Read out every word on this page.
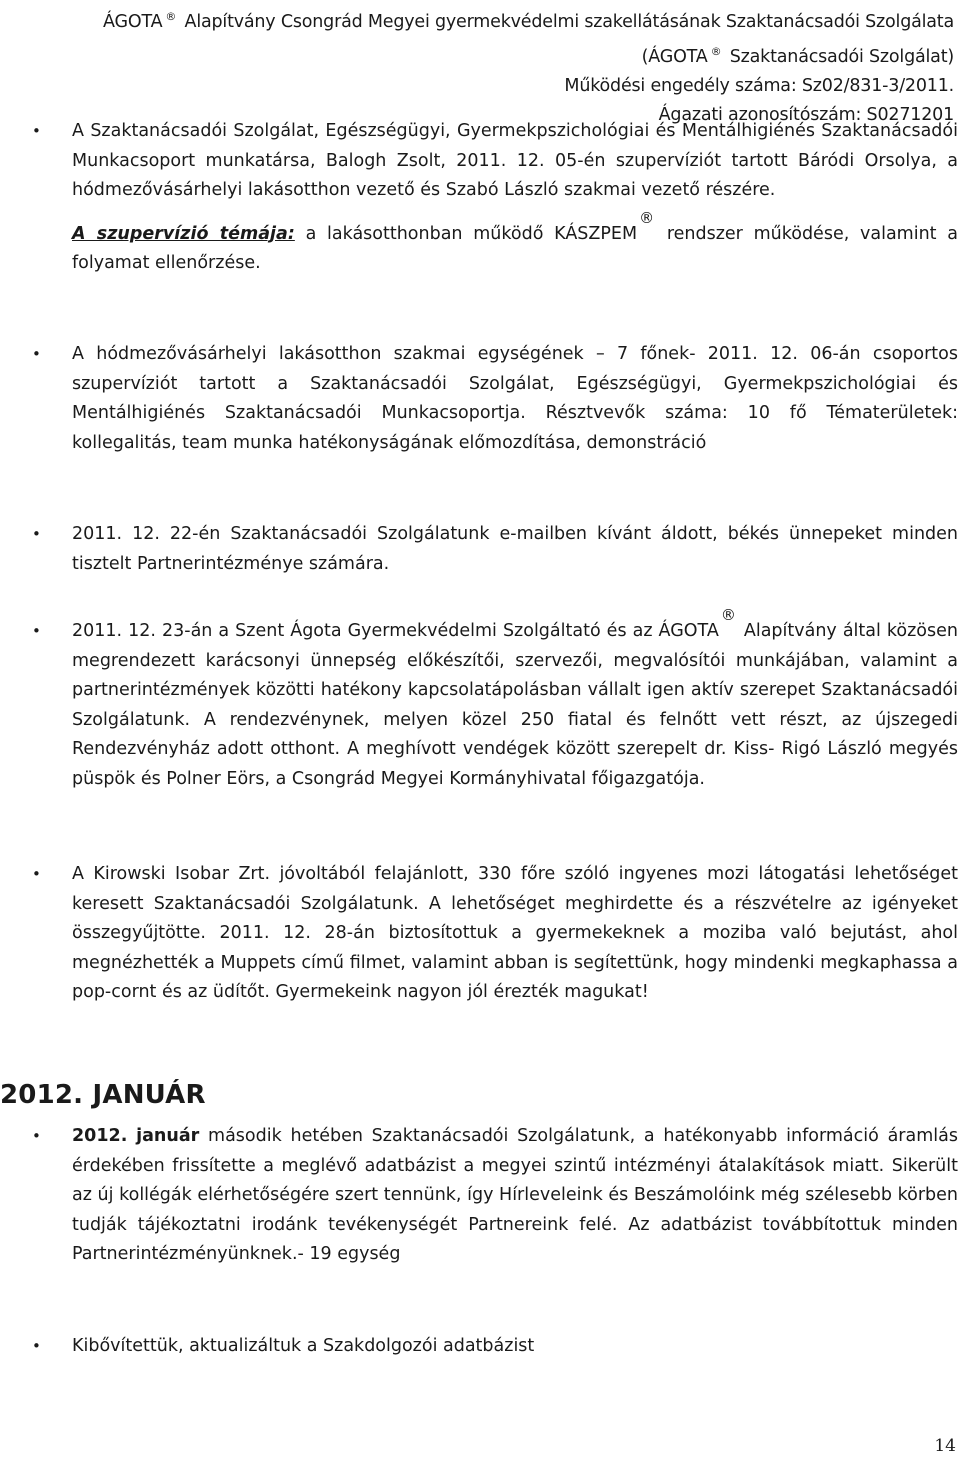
ÁGOTA ® Alapítvány Csongrád Megyei gyermekvédelmi szakellátásának Szaktanácsadói Szolgálata
(ÁGOTA ® Szaktanácsadói Szolgálat)
Működési engedély száma: Sz02/831-3/2011.
Ágazati azonosítószám: S0271201
• A Szaktanácsadói Szolgálat, Egészségügyi, Gyermekpszichológiai és Mentálhigiénés Szaktanácsadói Munkacsoport munkatársa, Balogh Zsolt, 2011. 12. 05-én szupervíziót tartott Báródi Orsolya, a hódmezővásárhelyi lakásotthon vezető és Szabó László szakmai vezető részére.

A szupervízió témája: a lakásotthonban működő KÁSZPEM® rendszer működése, valamint a folyamat ellenőrzése.

• A hódmezővásárhelyi lakásotthon szakmai egységének – 7 főnek- 2011. 12. 06-án csoportos szupervíziót tartott a Szaktanácsadói Szolgálat, Egészségügyi, Gyermekpszichológiai és Mentálhigiénés Szaktanácsadói Munkacsoportja. Résztvevők száma: 10 fő Tématerületek: kollegalitás, team munka hatékonyságának előmozdítása, demonstráció

• 2011. 12. 22-én Szaktanácsadói Szolgálatunk e-mailben kívánt áldott, békés ünnepeket minden tisztelt Partnerintézménye számára.

• 2011. 12. 23-án a Szent Ágota Gyermekvédelmi Szolgáltató és az ÁGOTA® Alapítvány által közösen megrendezett karácsonyi ünnepség előkészítői, szervezői, megvalósítói munkájában, valamint a partnerintézmények közötti hatékony kapcsolatápolásban vállalt igen aktív szerepet Szaktanácsadói Szolgálatunk. A rendezvénynek, melyen közel 250 fiatal és felnőtt vett részt, az újszegedi Rendezvényház adott otthont. A meghívott vendégek között szerepelt dr. Kiss- Rigó László megyés püspök és Polner Eörs, a Csongrád Megyei Kormányhivatal főigazgatója.

• A Kirowski Isobar Zrt. jóvoltából felajánlott, 330 főre szóló ingyenes mozi látogatási lehetőséget keresett Szaktanácsadói Szolgálatunk. A lehetőséget meghirdette és a részvételre az igényeket összegyűjtötte. 2011. 12. 28-án biztosítottuk a gyermekeknek a moziba való bejutást, ahol megnézhették a Muppets című filmet, valamint abban is segítettünk, hogy mindenki megkaphassa a pop-cornt és az üdítőt. Gyermekeink nagyon jól érezték magukat!

2012. JANUÁR
• 2012. január második hetében Szaktanácsadói Szolgálatunk, a hatékonyabb információ áramlás érdekében frissítette a meglévő adatbázist a megyei szintű intézményi átalakítások miatt. Sikerült az új kollégák elérhetőségére szert tennünk, így Hírleveleink és Beszámolóink még szélesebb körben tudják tájékoztatni irodánk tevékenységét Partnereink felé. Az adatbázist továbbítottuk minden Partnerintézményünknek.- 19 egység

• Kibővítettük, aktualizáltuk a Szakdolgozói adatbázist

14
